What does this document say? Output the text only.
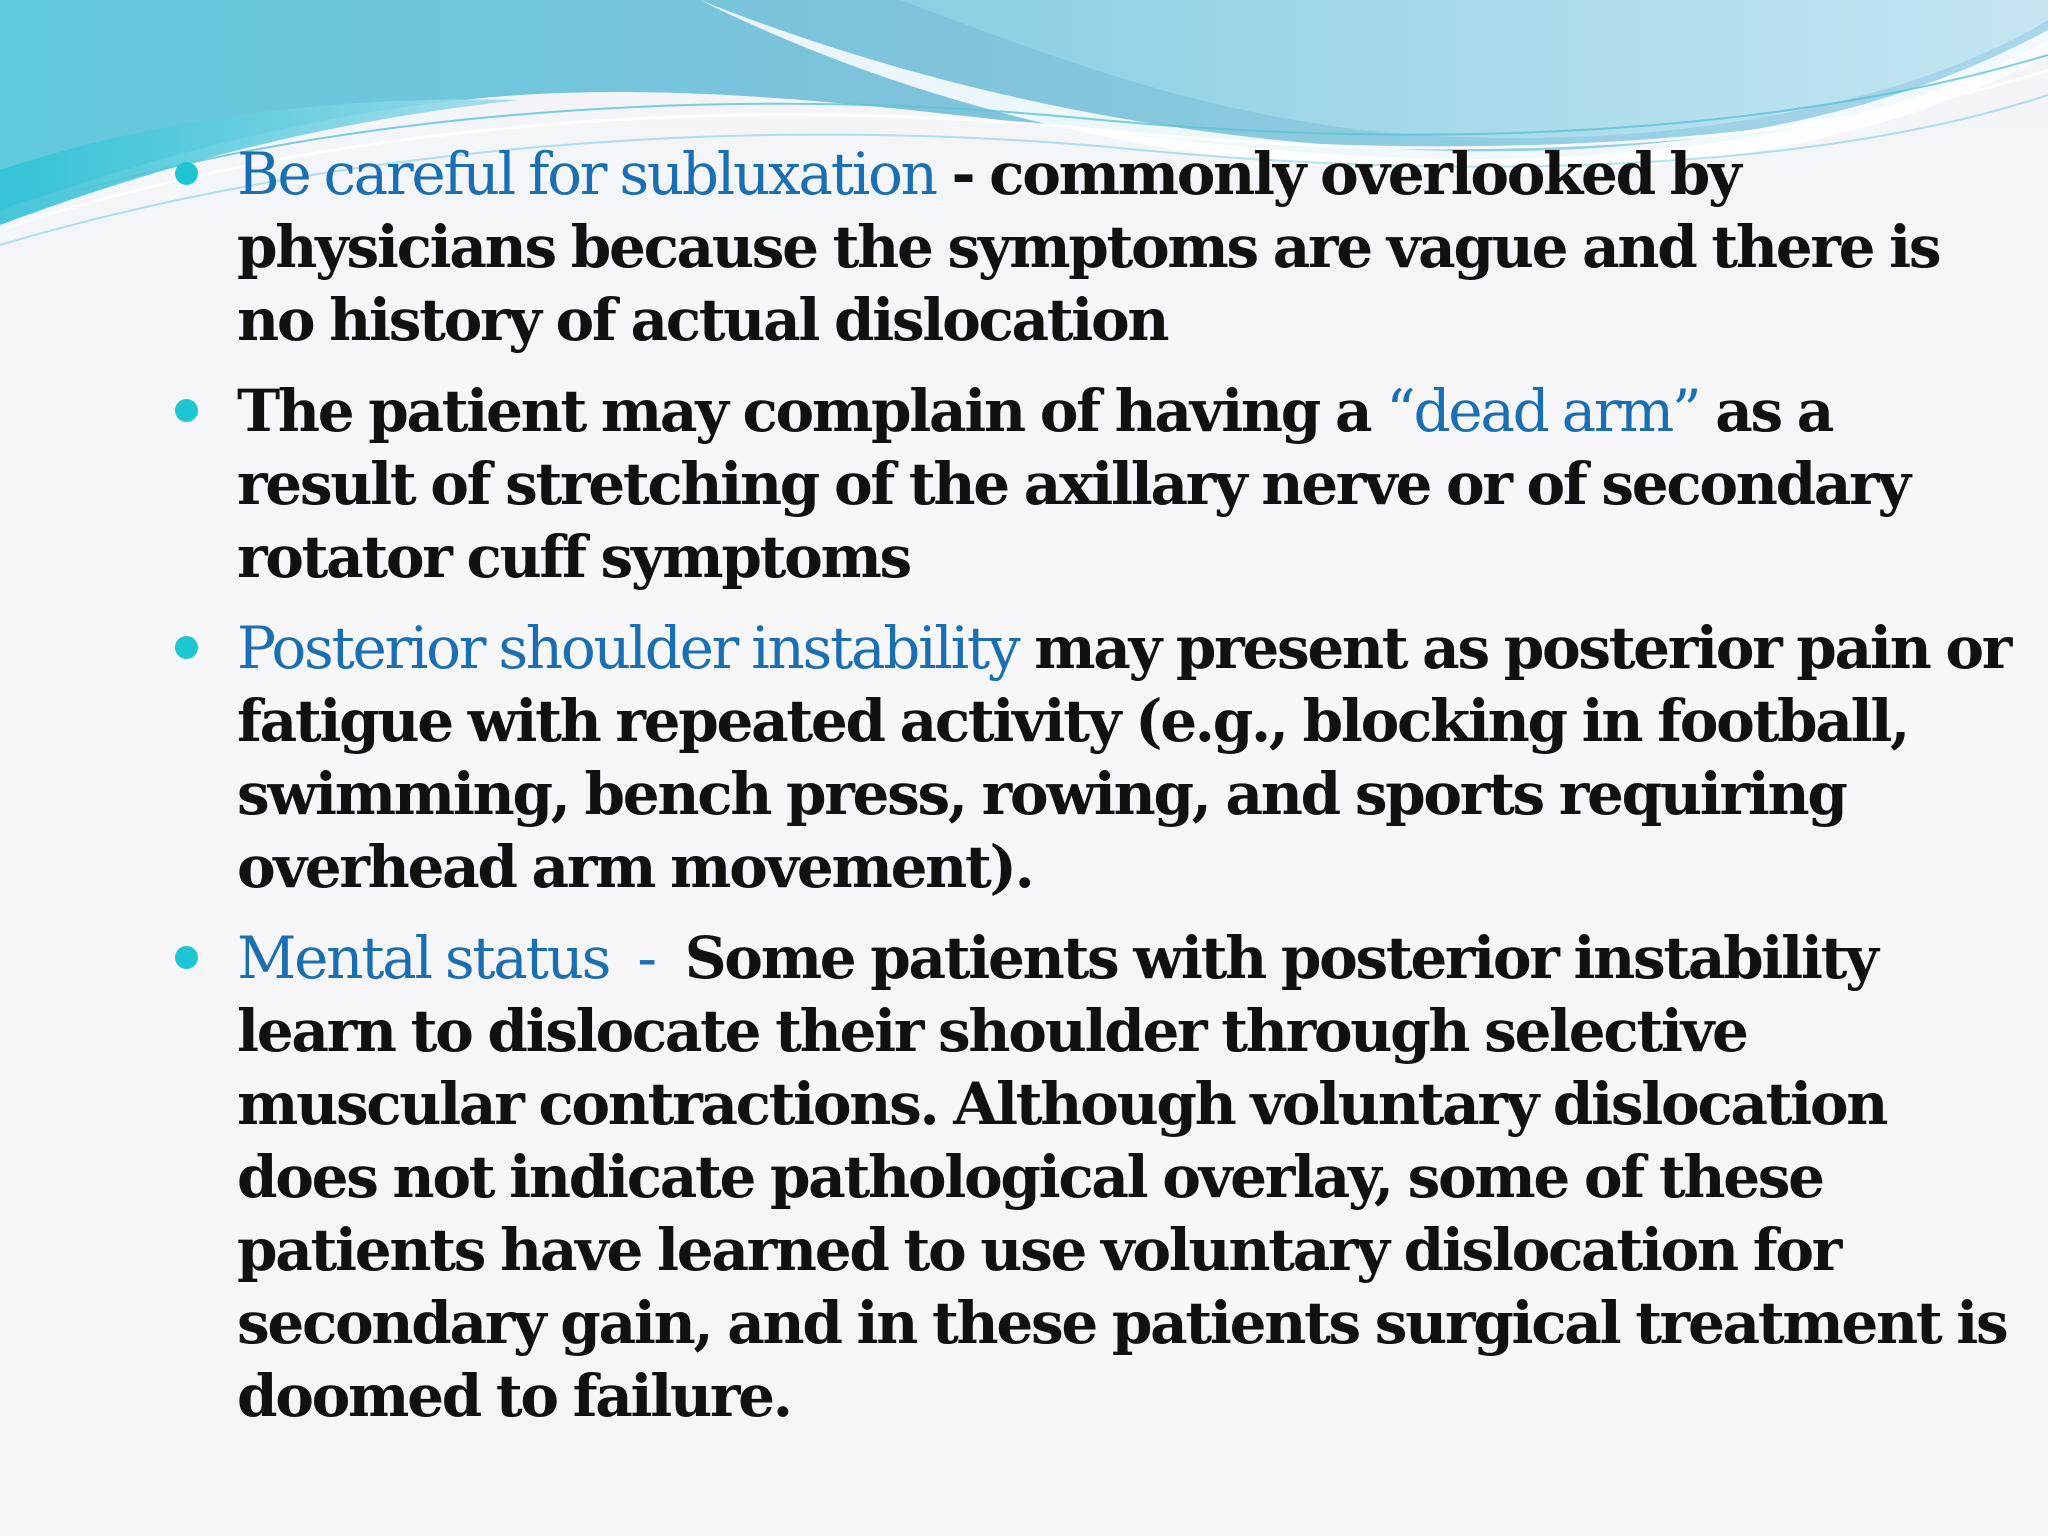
Be careful for subluxation - commonly overlooked by physicians because the symptoms are vague and there is no history of actual dislocation
The patient may complain of having a “dead arm” as a result of stretching of the axillary nerve or of secondary rotator cuff symptoms
Posterior shoulder instability may present as posterior pain or fatigue with repeated activity (e.g., blocking in football, swimming, bench press, rowing, and sports requiring overhead arm movement).
Mental status  -  Some patients with posterior instability learn to dislocate their shoulder through selective muscular contractions. Although voluntary dislocation does not indicate pathological overlay, some of these patients have learned to use voluntary dislocation for secondary gain, and in these patients surgical treatment is doomed to failure.
